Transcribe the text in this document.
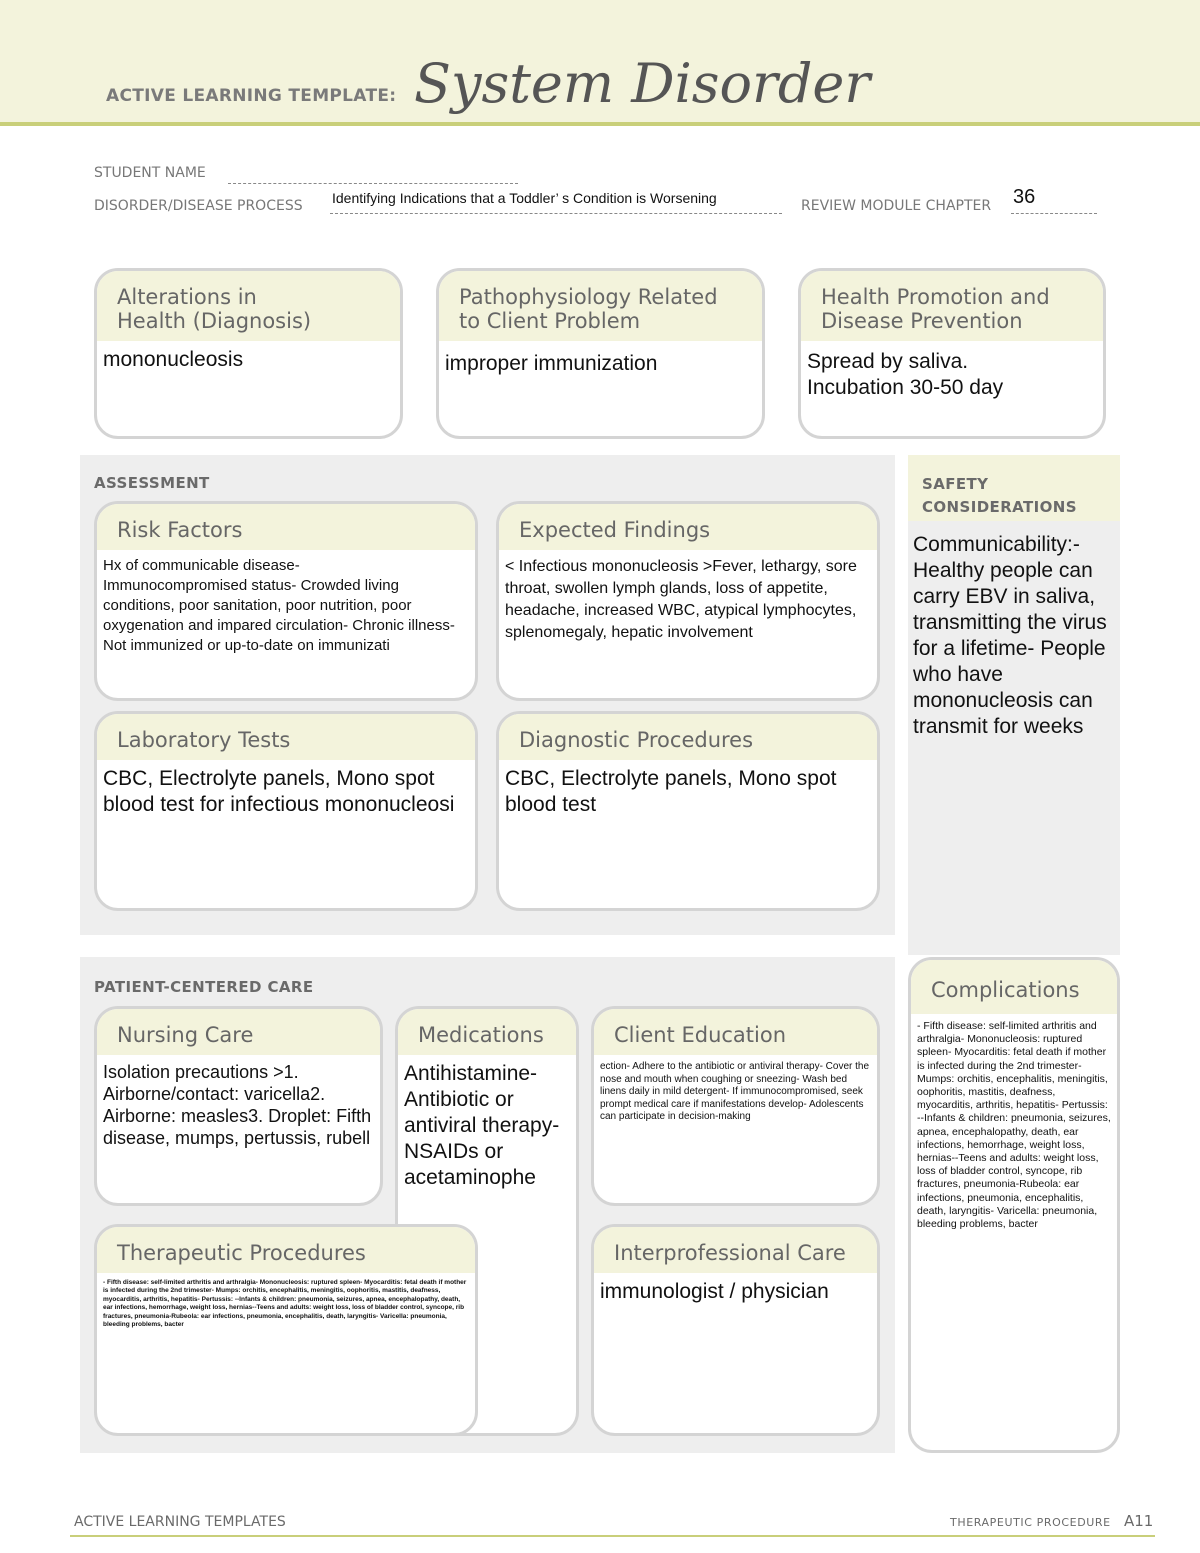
ACTIVE LEARNING TEMPLATE: System Disorder
STUDENT NAME
DISORDER/DISEASE PROCESS Identifying Indications that a Toddler’ s Condition is Worsening	REVIEW MODULE CHAPTER 36
Alterations in
Health (Diagnosis)
mononucleosis
Pathophysiology Related
to Client Problem
improper immunization
Health Promotion and
Disease Prevention
Spread by saliva.
Incubation 30-50 day
ASSESSMENT
Risk Factors
Hx of communicable disease-
Immunocompromised status- Crowded living conditions, poor sanitation, poor nutrition, poor oxygenation and impared circulation- Chronic illness- Not immunized or up-to-date on immunizati
Expected Findings
< Infectious mononucleosis >Fever, lethargy, sore throat, swollen lymph glands, loss of appetite, headache, increased WBC, atypical lymphocytes, splenomegaly, hepatic involvement
Laboratory Tests
CBC, Electrolyte panels, Mono spot blood test for infectious mononucleosi
Diagnostic Procedures
CBC, Electrolyte panels, Mono spot blood test
SAFETY
CONSIDERATIONS
Communicability:-
Healthy people can carry EBV in saliva, transmitting the virus for a lifetime- People who have mononucleosis can transmit for weeks
PATIENT-CENTERED CARE
Nursing Care
Isolation precautions >1. Airborne/contact: varicella2. Airborne: measles3. Droplet: Fifth disease, mumps, pertussis, rubell
Medications
Antihistamine-
Antibiotic or antiviral therapy-
NSAIDs or acetaminophe
Client Education
ection- Adhere to the antibiotic or antiviral therapy- Cover the nose and mouth when coughing or sneezing- Wash bed linens daily in mild detergent- If immunocompromised, seek prompt medical care if manifestations develop- Adolescents can participate in decision-making
Therapeutic Procedures
- Fifth disease: self-limited arthritis and arthralgia- Mononucleosis: ruptured spleen- Myocarditis: fetal death if mother is infected during the 2nd trimester- Mumps: orchitis, encephalitis, meningitis, oophoritis, mastitis, deafness, myocarditis, arthritis, hepatitis- Pertussis: --Infants & children: pneumonia, seizures, apnea, encephalopathy, death, ear infections, hemorrhage, weight loss, hernias--Teens and adults: weight loss, loss of bladder control, syncope, rib fractures, pneumonia-Rubeola: ear infections, pneumonia, encephalitis, death, laryngitis- Varicella: pneumonia, bleeding problems, bacter
Interprofessional Care
immunologist / physician
Complications
- Fifth disease: self-limited arthritis and arthralgia- Mononucleosis: ruptured spleen- Myocarditis: fetal death if mother is infected during the 2nd trimester- Mumps: orchitis, encephalitis, meningitis, oophoritis, mastitis, deafness, myocarditis, arthritis, hepatitis- Pertussis: --Infants & children: pneumonia, seizures, apnea, encephalopathy, death, ear infections, hemorrhage, weight loss, hernias--Teens and adults: weight loss, loss of bladder control, syncope, rib fractures, pneumonia-Rubeola: ear infections, pneumonia, encephalitis, death, laryngitis- Varicella: pneumonia, bleeding problems, bacter
ACTIVE LEARNING TEMPLATES	THERAPEUTIC PROCEDURE A11
